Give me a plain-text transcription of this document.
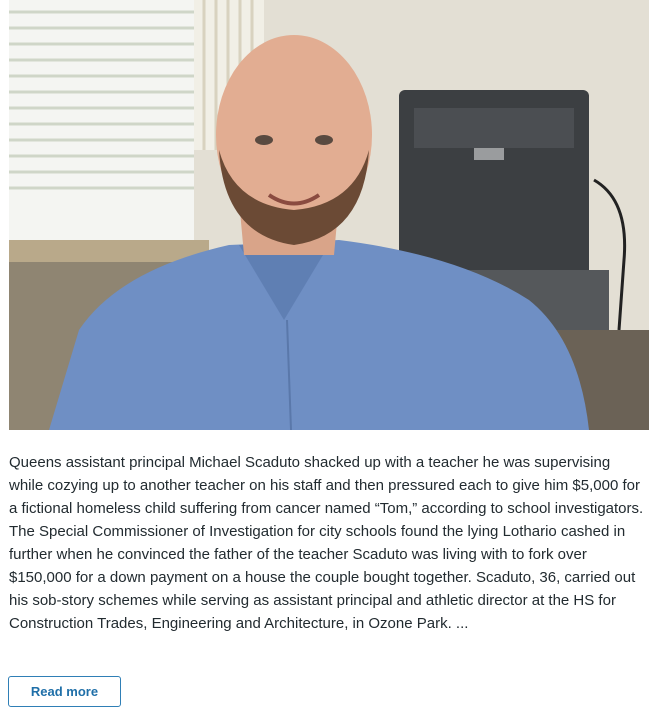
Queens assistant principal Michael Scaduto shacked up with a teacher he was supervising while cozying up to another teacher on his staff and then pressured each to give him $5,000 for a fictional homeless child suffering from cancer named “Tom,” according to school investigators. The Special Commissioner of Investigation for city schools found the lying Lothario cashed in further when he convinced the father of the teacher Scaduto was living with to fork over $150,000 for a down payment on a house the couple bought together. Scaduto, 36, carried out his sob-story schemes while serving as assistant principal and athletic director at the HS for Construction Trades, Engineering and Architecture, in Ozone Park. ...

Read more
